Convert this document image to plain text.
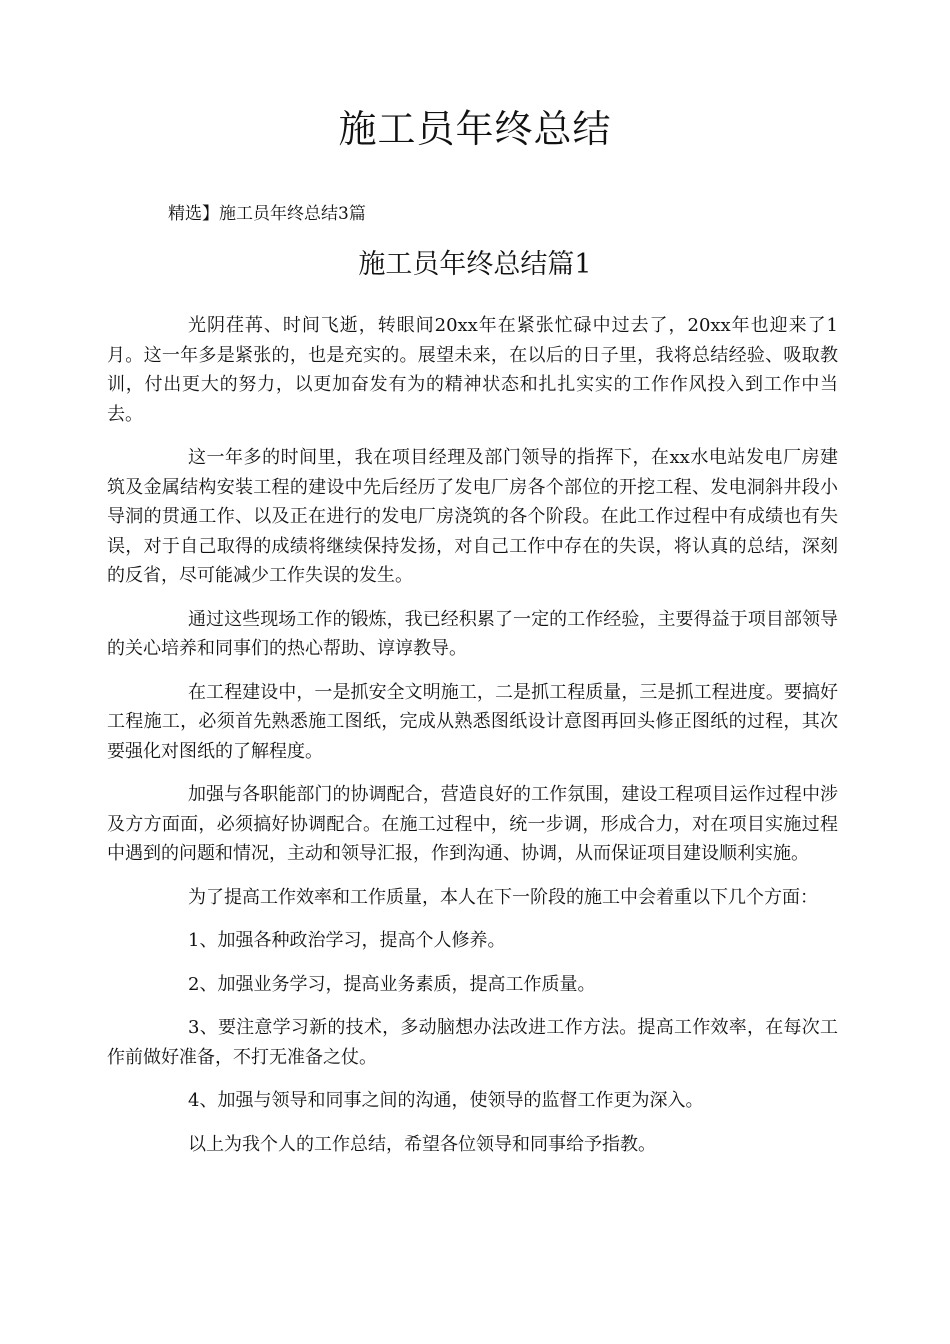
施工员年终总结

精选】施工员年终总结3篇

施工员年终总结篇1

光阴荏苒、时间飞逝，转眼间20xx年在紧张忙碌中过去了，20xx年也迎来了1月。这一年多是紧张的，也是充实的。展望未来，在以后的日子里，我将总结经验、吸取教训，付出更大的努力，以更加奋发有为的精神状态和扎扎实实的工作作风投入到工作中当去。

这一年多的时间里，我在项目经理及部门领导的指挥下，在xx水电站发电厂房建筑及金属结构安装工程的建设中先后经历了发电厂房各个部位的开挖工程、发电洞斜井段小导洞的贯通工作、以及正在进行的发电厂房浇筑的各个阶段。在此工作过程中有成绩也有失误，对于自己取得的成绩将继续保持发扬，对自己工作中存在的失误，将认真的总结，深刻的反省，尽可能减少工作失误的发生。

通过这些现场工作的锻炼，我已经积累了一定的工作经验，主要得益于项目部领导的关心培养和同事们的热心帮助、谆谆教导。

在工程建设中，一是抓安全文明施工，二是抓工程质量，三是抓工程进度。要搞好工程施工，必须首先熟悉施工图纸，完成从熟悉图纸设计意图再回头修正图纸的过程，其次要强化对图纸的了解程度。

加强与各职能部门的协调配合，营造良好的工作氛围，建设工程项目运作过程中涉及方方面面，必须搞好协调配合。在施工过程中，统一步调，形成合力，对在项目实施过程中遇到的问题和情况，主动和领导汇报，作到沟通、协调，从而保证项目建设顺利实施。

为了提高工作效率和工作质量，本人在下一阶段的施工中会着重以下几个方面：

1、加强各种政治学习，提高个人修养。

2、加强业务学习，提高业务素质，提高工作质量。

3、要注意学习新的技术，多动脑想办法改进工作方法。提高工作效率，在每次工作前做好准备，不打无准备之仗。

4、加强与领导和同事之间的沟通，使领导的监督工作更为深入。

以上为我个人的工作总结，希望各位领导和同事给予指教。
